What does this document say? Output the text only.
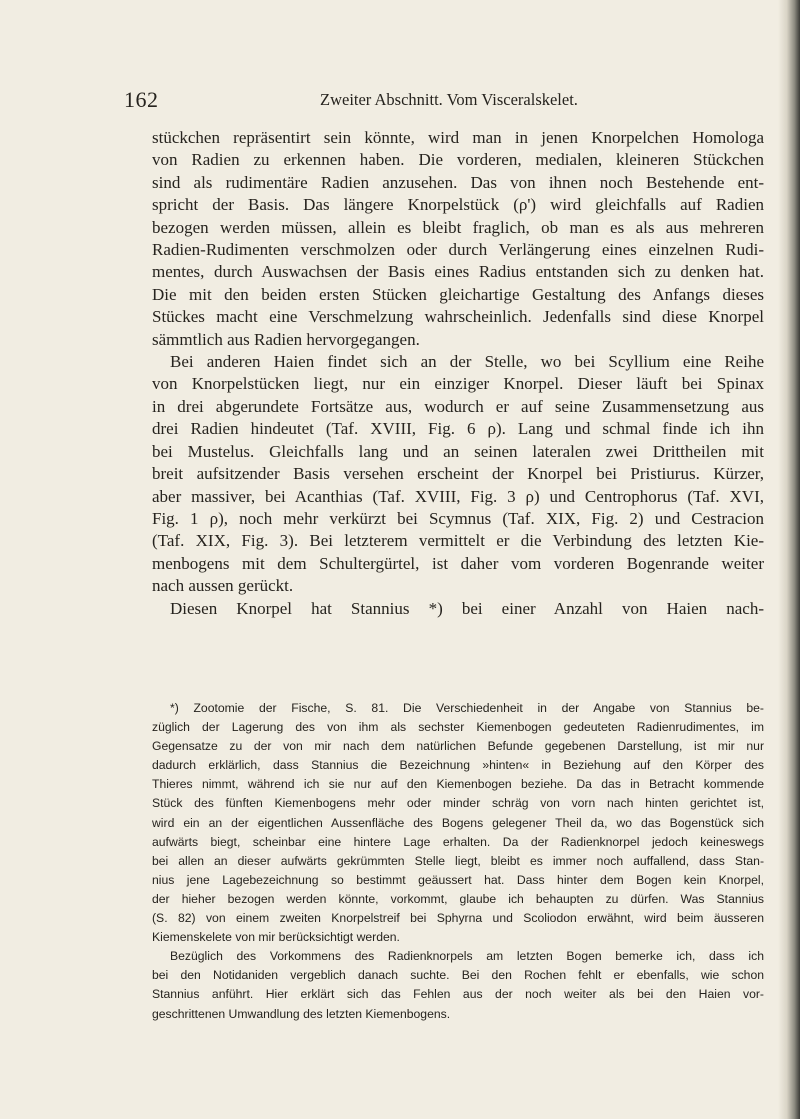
162	Zweiter Abschnitt. Vom Visceralskelet.
stückchen repräsentirt sein könnte, wird man in jenen Knorpelchen Homologa
von Radien zu erkennen haben. Die vorderen, medialen, kleineren Stückchen
sind als rudimentäre Radien anzusehen. Das von ihnen noch Bestehende ent-
spricht der Basis. Das längere Knorpelstück (ρ') wird gleichfalls auf Radien
bezogen werden müssen, allein es bleibt fraglich, ob man es als aus mehreren
Radien-Rudimenten verschmolzen oder durch Verlängerung eines einzelnen Rudi-
mentes, durch Auswachsen der Basis eines Radius entstanden sich zu denken hat.
Die mit den beiden ersten Stücken gleichartige Gestaltung des Anfangs dieses
Stückes macht eine Verschmelzung wahrscheinlich. Jedenfalls sind diese Knorpel
sämmtlich aus Radien hervorgegangen.
Bei anderen Haien findet sich an der Stelle, wo bei Scyllium eine Reihe
von Knorpelstücken liegt, nur ein einziger Knorpel. Dieser läuft bei Spinax
in drei abgerundete Fortsätze aus, wodurch er auf seine Zusammensetzung aus
drei Radien hindeutet (Taf. XVIII, Fig. 6 ρ). Lang und schmal finde ich ihn
bei Mustelus. Gleichfalls lang und an seinen lateralen zwei Drittheilen mit
breit aufsitzender Basis versehen erscheint der Knorpel bei Pristiurus. Kürzer,
aber massiver, bei Acanthias (Taf. XVIII, Fig. 3 ρ) und Centrophorus (Taf. XVI,
Fig. 1 ρ), noch mehr verkürzt bei Scymnus (Taf. XIX, Fig. 2) und Cestracion
(Taf. XIX, Fig. 3). Bei letzterem vermittelt er die Verbindung des letzten Kie-
menbogens mit dem Schultergürtel, ist daher vom vorderen Bogenrande weiter
nach aussen gerückt.
Diesen Knorpel hat Stannius *) bei einer Anzahl von Haien nach-
*) Zootomie der Fische, S. 81. Die Verschiedenheit in der Angabe von Stannius be-
züglich der Lagerung des von ihm als sechster Kiemenbogen gedeuteten Radienrudimentes, im
Gegensatze zu der von mir nach dem natürlichen Befunde gegebenen Darstellung, ist mir nur
dadurch erklärlich, dass Stannius die Bezeichnung »hinten« in Beziehung auf den Körper des
Thieres nimmt, während ich sie nur auf den Kiemenbogen beziehe. Da das in Betracht kommende
Stück des fünften Kiemenbogens mehr oder minder schräg von vorn nach hinten gerichtet ist,
wird ein an der eigentlichen Aussenfläche des Bogens gelegener Theil da, wo das Bogenstück sich
aufwärts biegt, scheinbar eine hintere Lage erhalten. Da der Radienknorpel jedoch keineswegs
bei allen an dieser aufwärts gekrümmten Stelle liegt, bleibt es immer noch auffallend, dass Stan-
nius jene Lagebezeichnung so bestimmt geäussert hat. Dass hinter dem Bogen kein Knorpel,
der hieher bezogen werden könnte, vorkommt, glaube ich behaupten zu dürfen. Was Stannius
(S. 82) von einem zweiten Knorpelstreif bei Sphyrna und Scoliodon erwähnt, wird beim äusseren
Kiemenskelete von mir berücksichtigt werden.
Bezüglich des Vorkommens des Radienknorpels am letzten Bogen bemerke ich, dass ich
bei den Notidaniden vergeblich danach suchte. Bei den Rochen fehlt er ebenfalls, wie schon
Stannius anführt. Hier erklärt sich das Fehlen aus der noch weiter als bei den Haien vor-
geschrittenen Umwandlung des letzten Kiemenbogens.
